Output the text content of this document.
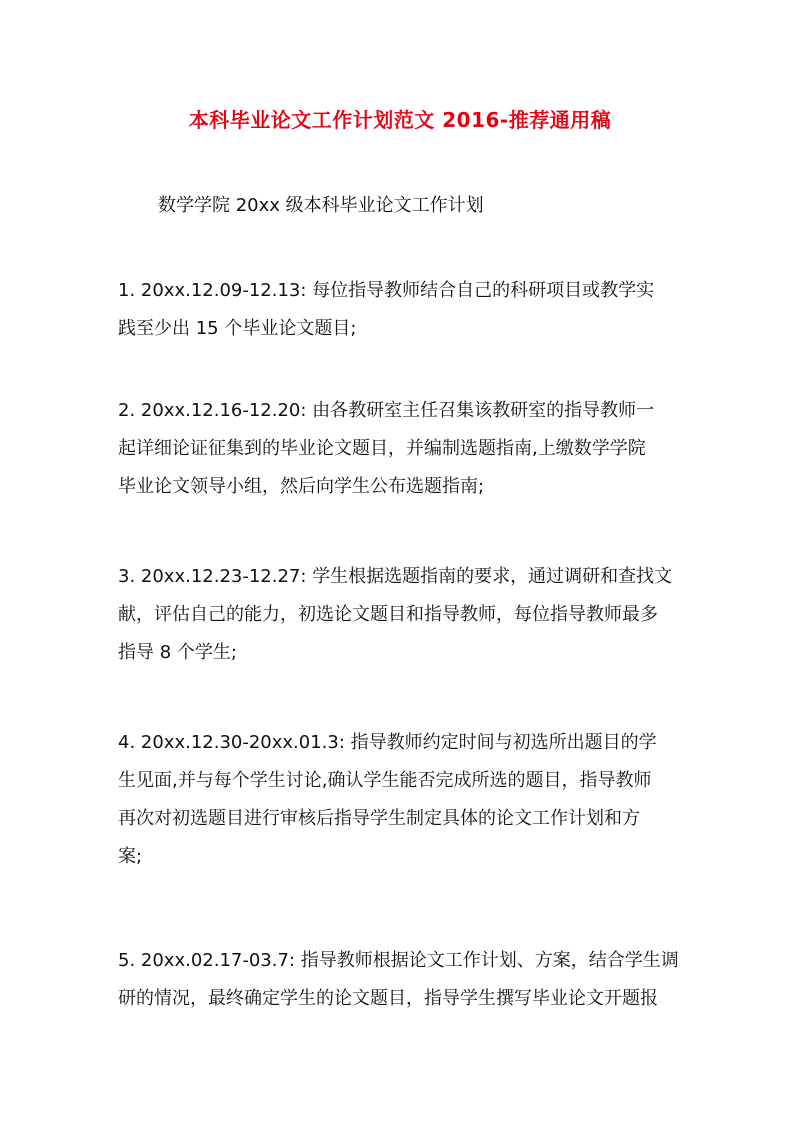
本科毕业论文工作计划范文 2016-推荐通用稿
数学学院 20xx 级本科毕业论文工作计划
1. 20xx.12.09-12.13: 每位指导教师结合自己的科研项目或教学实
践至少出 15 个毕业论文题目;
2. 20xx.12.16-12.20: 由各教研室主任召集该教研室的指导教师一
起详细论证征集到的毕业论文题目，并编制选题指南,上缴数学学院
毕业论文领导小组，然后向学生公布选题指南;
3. 20xx.12.23-12.27: 学生根据选题指南的要求，通过调研和查找文
献，评估自己的能力，初选论文题目和指导教师，每位指导教师最多
指导 8 个学生;
4. 20xx.12.30-20xx.01.3: 指导教师约定时间与初选所出题目的学
生见面,并与每个学生讨论,确认学生能否完成所选的题目，指导教师
再次对初选题目进行审核后指导学生制定具体的论文工作计划和方
案;
5. 20xx.02.17-03.7: 指导教师根据论文工作计划、方案，结合学生调
研的情况，最终确定学生的论文题目，指导学生撰写毕业论文开题报
